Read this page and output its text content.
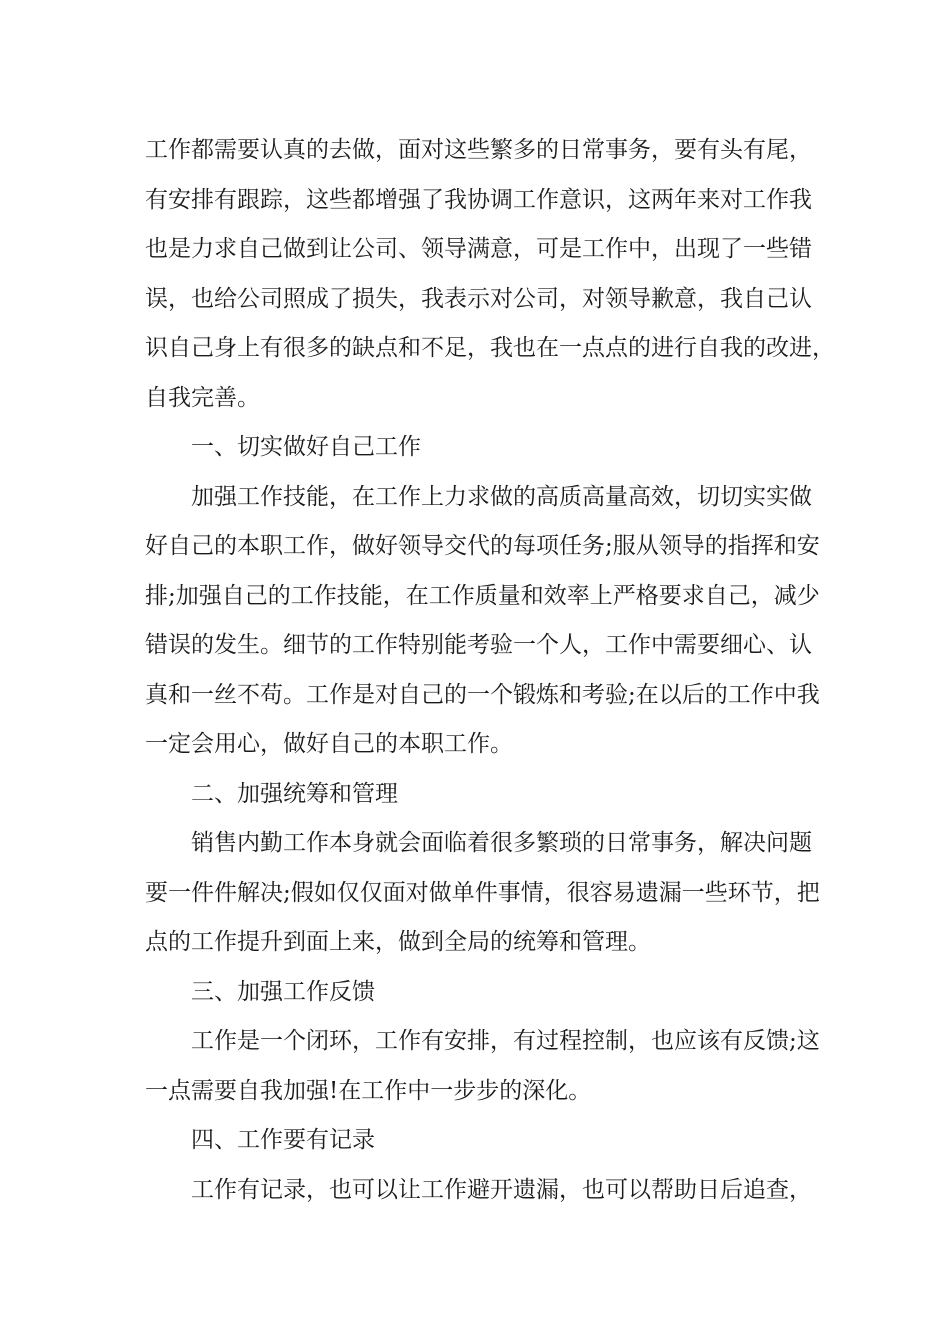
工作都需要认真的去做，面对这些繁多的日常事务，要有头有尾，
有安排有跟踪，这些都增强了我协调工作意识，这两年来对工作我
也是力求自己做到让公司、领导满意，可是工作中，出现了一些错
误，也给公司照成了损失，我表示对公司，对领导歉意，我自己认
识自己身上有很多的缺点和不足，我也在一点点的进行自我的改进，
自我完善。
一、切实做好自己工作
加强工作技能，在工作上力求做的高质高量高效，切切实实做
好自己的本职工作，做好领导交代的每项任务;服从领导的指挥和安
排;加强自己的工作技能，在工作质量和效率上严格要求自己，减少
错误的发生。细节的工作特别能考验一个人，工作中需要细心、认
真和一丝不苟。工作是对自己的一个锻炼和考验;在以后的工作中我
一定会用心，做好自己的本职工作。
二、加强统筹和管理
销售内勤工作本身就会面临着很多繁琐的日常事务，解决问题
要一件件解决;假如仅仅面对做单件事情，很容易遗漏一些环节，把
点的工作提升到面上来，做到全局的统筹和管理。
三、加强工作反馈
工作是一个闭环，工作有安排，有过程控制，也应该有反馈;这
一点需要自我加强!在工作中一步步的深化。
四、工作要有记录
工作有记录，也可以让工作避开遗漏，也可以帮助日后追查，
